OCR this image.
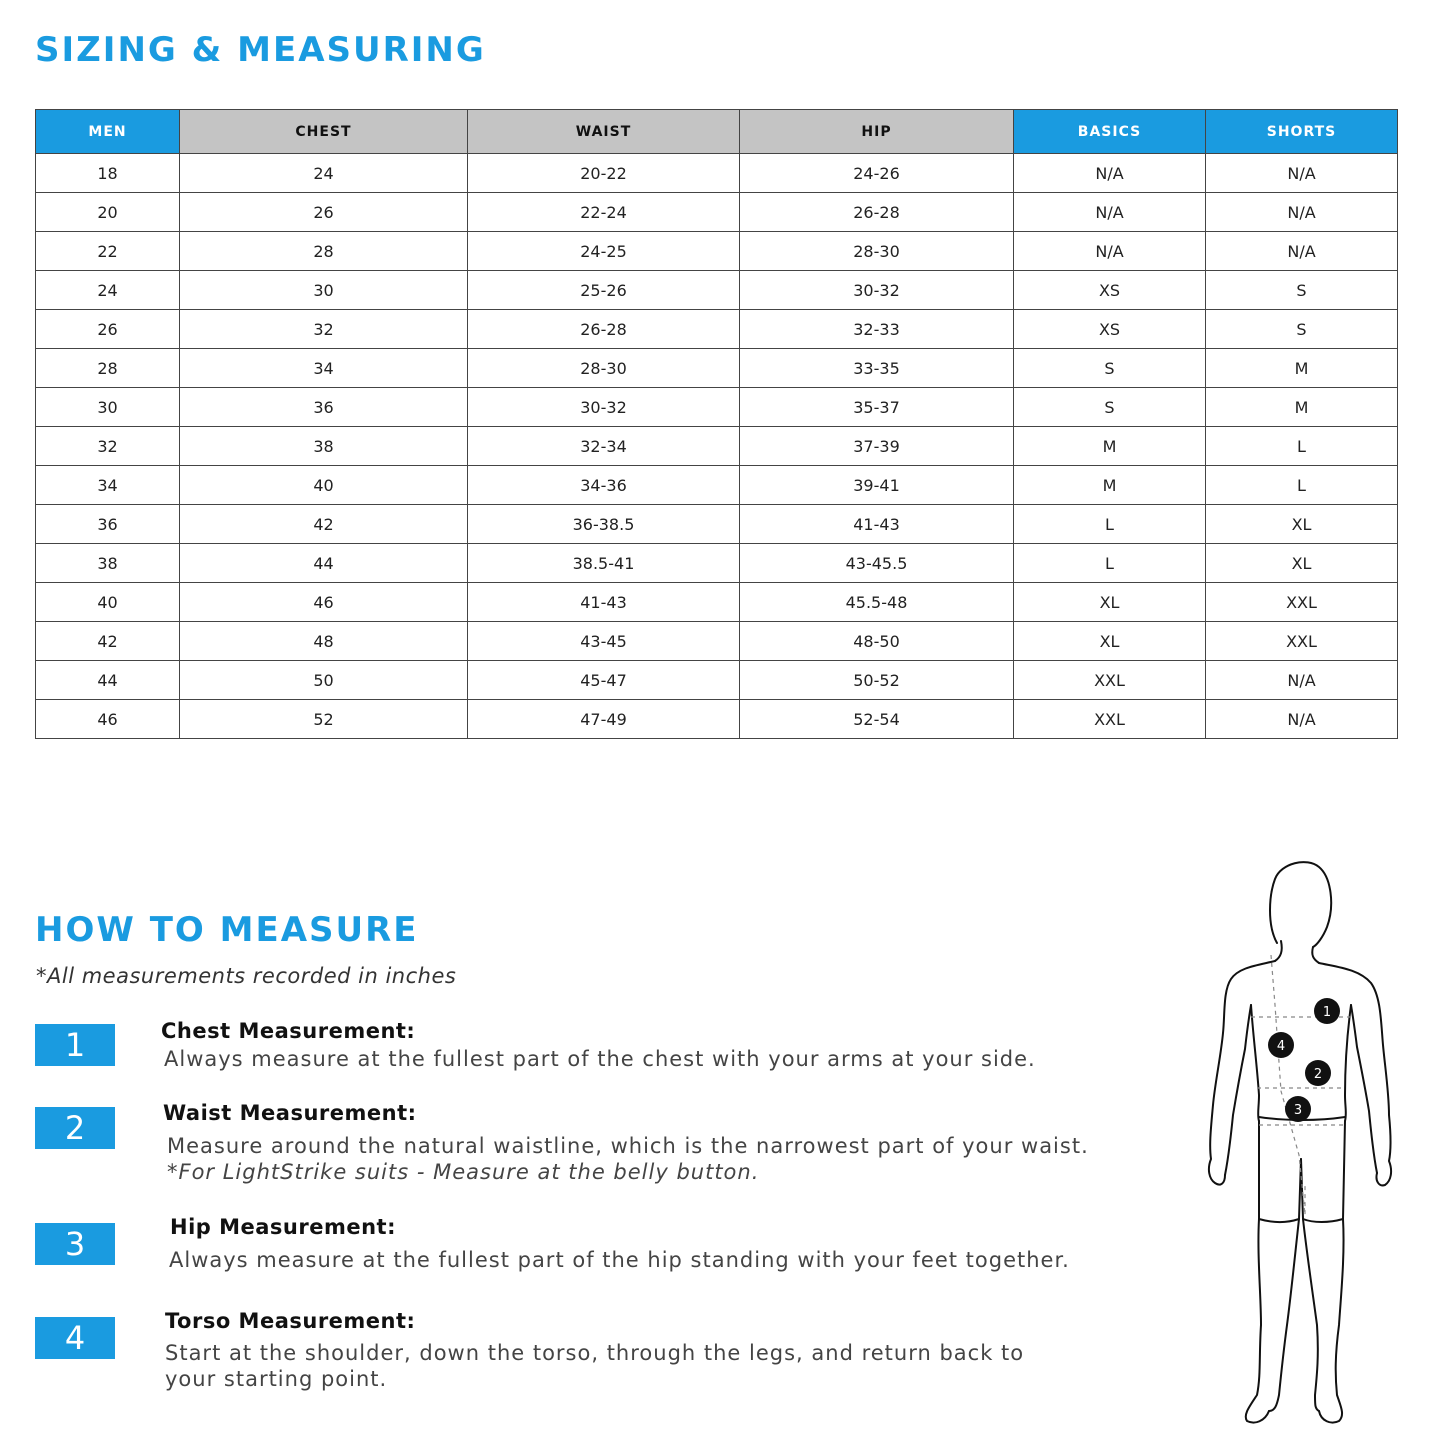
SIZING & MEASURING
MEN	CHEST	WAIST	HIP	BASICS	SHORTS
18	24	20-22	24-26	N/A	N/A
20	26	22-24	26-28	N/A	N/A
22	28	24-25	28-30	N/A	N/A
24	30	25-26	30-32	XS	S
26	32	26-28	32-33	XS	S
28	34	28-30	33-35	S	M
30	36	30-32	35-37	S	M
32	38	32-34	37-39	M	L
34	40	34-36	39-41	M	L
36	42	36-38.5	41-43	L	XL
38	44	38.5-41	43-45.5	L	XL
40	46	41-43	45.5-48	XL	XXL
42	48	43-45	48-50	XL	XXL
44	50	45-47	50-52	XXL	N/A
46	52	47-49	52-54	XXL	N/A
HOW TO MEASURE
*All measurements recorded in inches
1	Chest Measurement:
Always measure at the fullest part of the chest with your arms at your side.
2	Waist Measurement:
Measure around the natural waistline, which is the narrowest part of your waist.
*For LightStrike suits - Measure at the belly button.
3	Hip Measurement:
Always measure at the fullest part of the hip standing with your feet together.
4	Torso Measurement:
Start at the shoulder, down the torso, through the legs, and return back to your starting point.
1
2
3
4
